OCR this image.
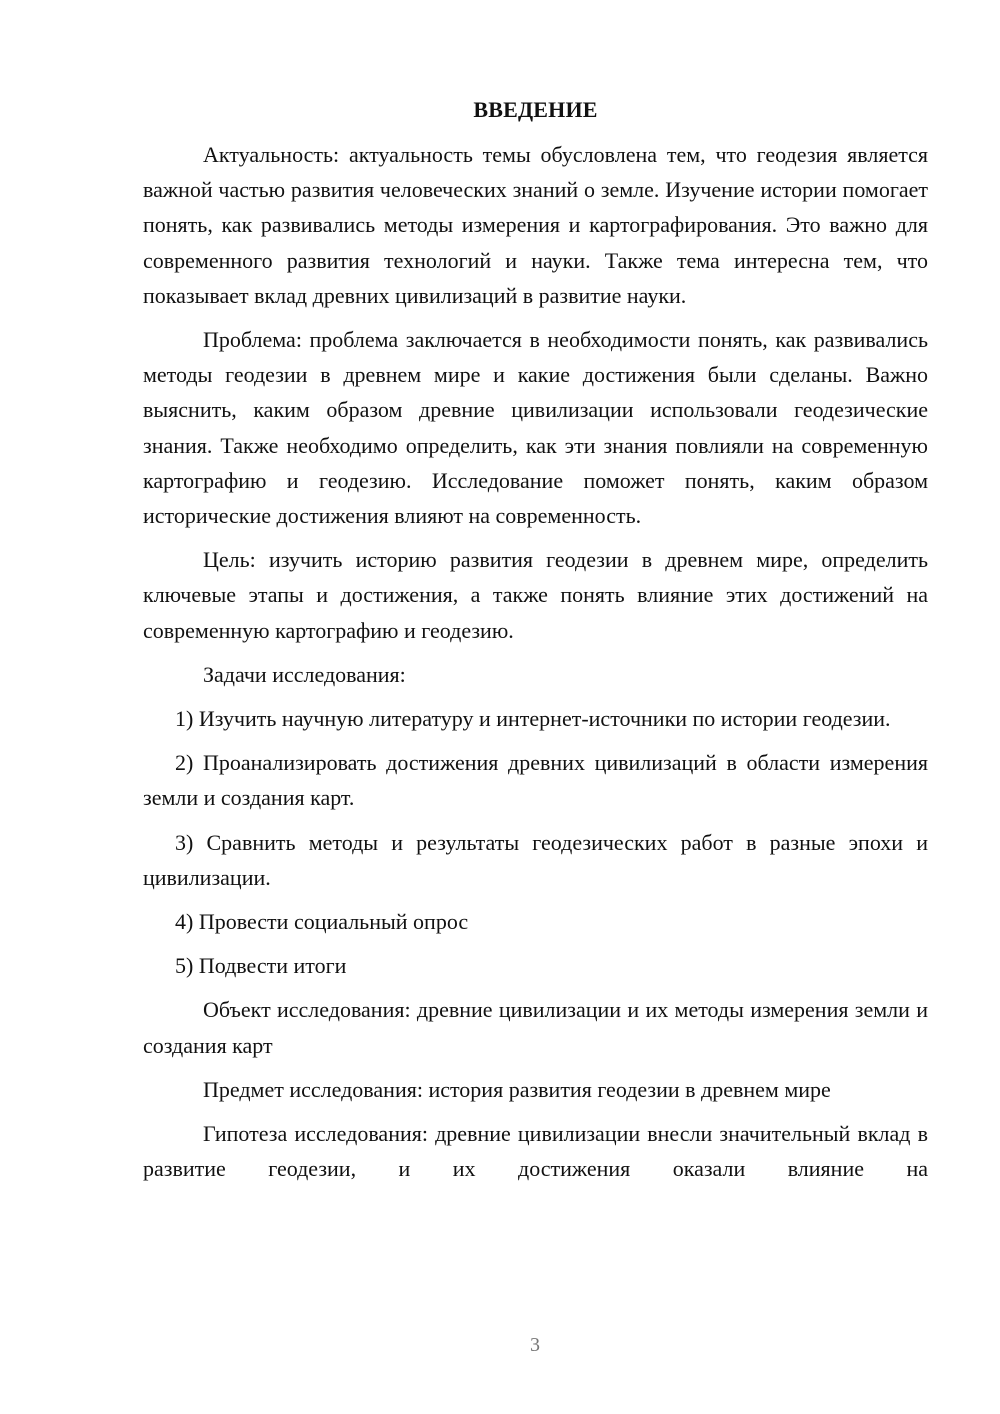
ВВЕДЕНИЕ

Актуальность: актуальность темы обусловлена тем, что геодезия является важной частью развития человеческих знаний о земле. Изучение истории помогает понять, как развивались методы измерения и картографирования. Это важно для современного развития технологий и науки. Также тема интересна тем, что показывает вклад древних цивилизаций в развитие науки.

Проблема: проблема заключается в необходимости понять, как развивались методы геодезии в древнем мире и какие достижения были сделаны. Важно выяснить, каким образом древние цивилизации использовали геодезические знания. Также необходимо определить, как эти знания повлияли на современную картографию и геодезию. Исследование поможет понять, каким образом исторические достижения влияют на современность.

Цель: изучить историю развития геодезии в древнем мире, определить ключевые этапы и достижения, а также понять влияние этих достижений на современную картографию и геодезию.

Задачи исследования:

1) Изучить научную литературу и интернет-источники по истории геодезии.

2) Проанализировать достижения древних цивилизаций в области измерения земли и создания карт.

3) Сравнить методы и результаты геодезических работ в разные эпохи и цивилизации.

4) Провести социальный опрос

5) Подвести итоги

Объект исследования: древние цивилизации и их методы измерения земли и создания карт

Предмет исследования: история развития геодезии в древнем мире

Гипотеза исследования: древние цивилизации внесли значительный вклад в развитие геодезии, и их достижения оказали влияние на

3
